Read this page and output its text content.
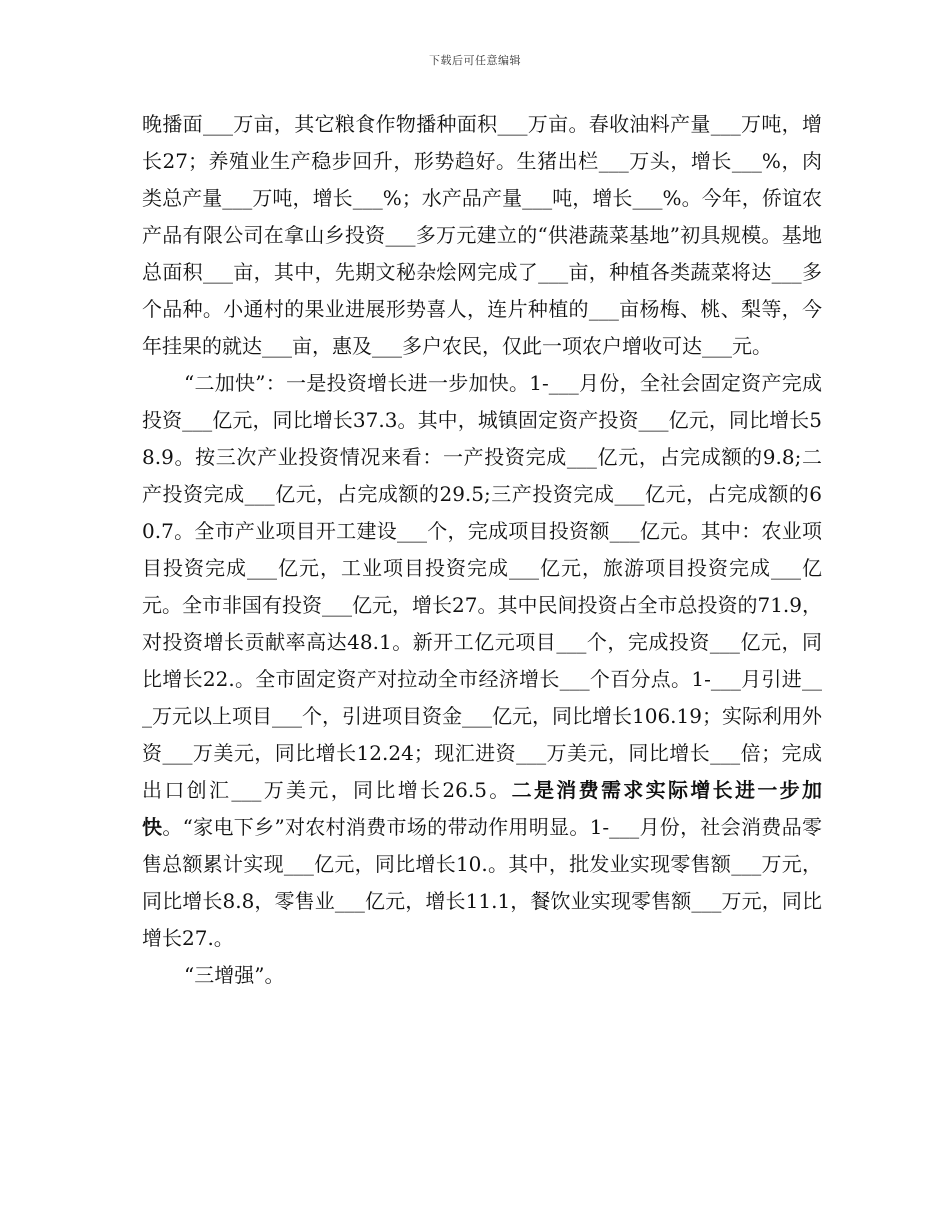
下载后可任意编辑

晚播面___万亩，其它粮食作物播种面积___万亩。春收油料产量___万吨，增长27；养殖业生产稳步回升，形势趋好。生猪出栏___万头，增长___%，肉类总产量___万吨，增长___%；水产品产量___吨，增长___%。今年，侨谊农产品有限公司在拿山乡投资___多万元建立的“供港蔬菜基地”初具规模。基地总面积___亩，其中，先期文秘杂烩网完成了___亩，种植各类蔬菜将达___多个品种。小通村的果业进展形势喜人，连片种植的___亩杨梅、桃、梨等，今年挂果的就达___亩，惠及___多户农民，仅此一项农户增收可达___元。

“二加快”：一是投资增长进一步加快。1-___月份，全社会固定资产完成投资___亿元，同比增长37.3。其中，城镇固定资产投资___亿元，同比增长58.9。按三次产业投资情况来看：一产投资完成___亿元，占完成额的9.8;二产投资完成___亿元，占完成额的29.5;三产投资完成___亿元，占完成额的60.7。全市产业项目开工建设___个，完成项目投资额___亿元。其中：农业项目投资完成___亿元，工业项目投资完成___亿元，旅游项目投资完成___亿元。全市非国有投资___亿元，增长27。其中民间投资占全市总投资的71.9，对投资增长贡献率高达48.1。新开工亿元项目___个，完成投资___亿元，同比增长22.。全市固定资产对拉动全市经济增长___个百分点。1-___月引进___万元以上项目___个，引进项目资金___亿元，同比增长106.19；实际利用外资___万美元，同比增长12.24；现汇进资___万美元，同比增长___倍；完成出口创汇___万美元，同比增长26.5。二是消费需求实际增长进一步加快。“家电下乡”对农村消费市场的带动作用明显。1-___月份，社会消费品零售总额累计实现___亿元，同比增长10.。其中，批发业实现零售额___万元，同比增长8.8，零售业___亿元，增长11.1，餐饮业实现零售额___万元，同比增长27.。

“三增强”。
